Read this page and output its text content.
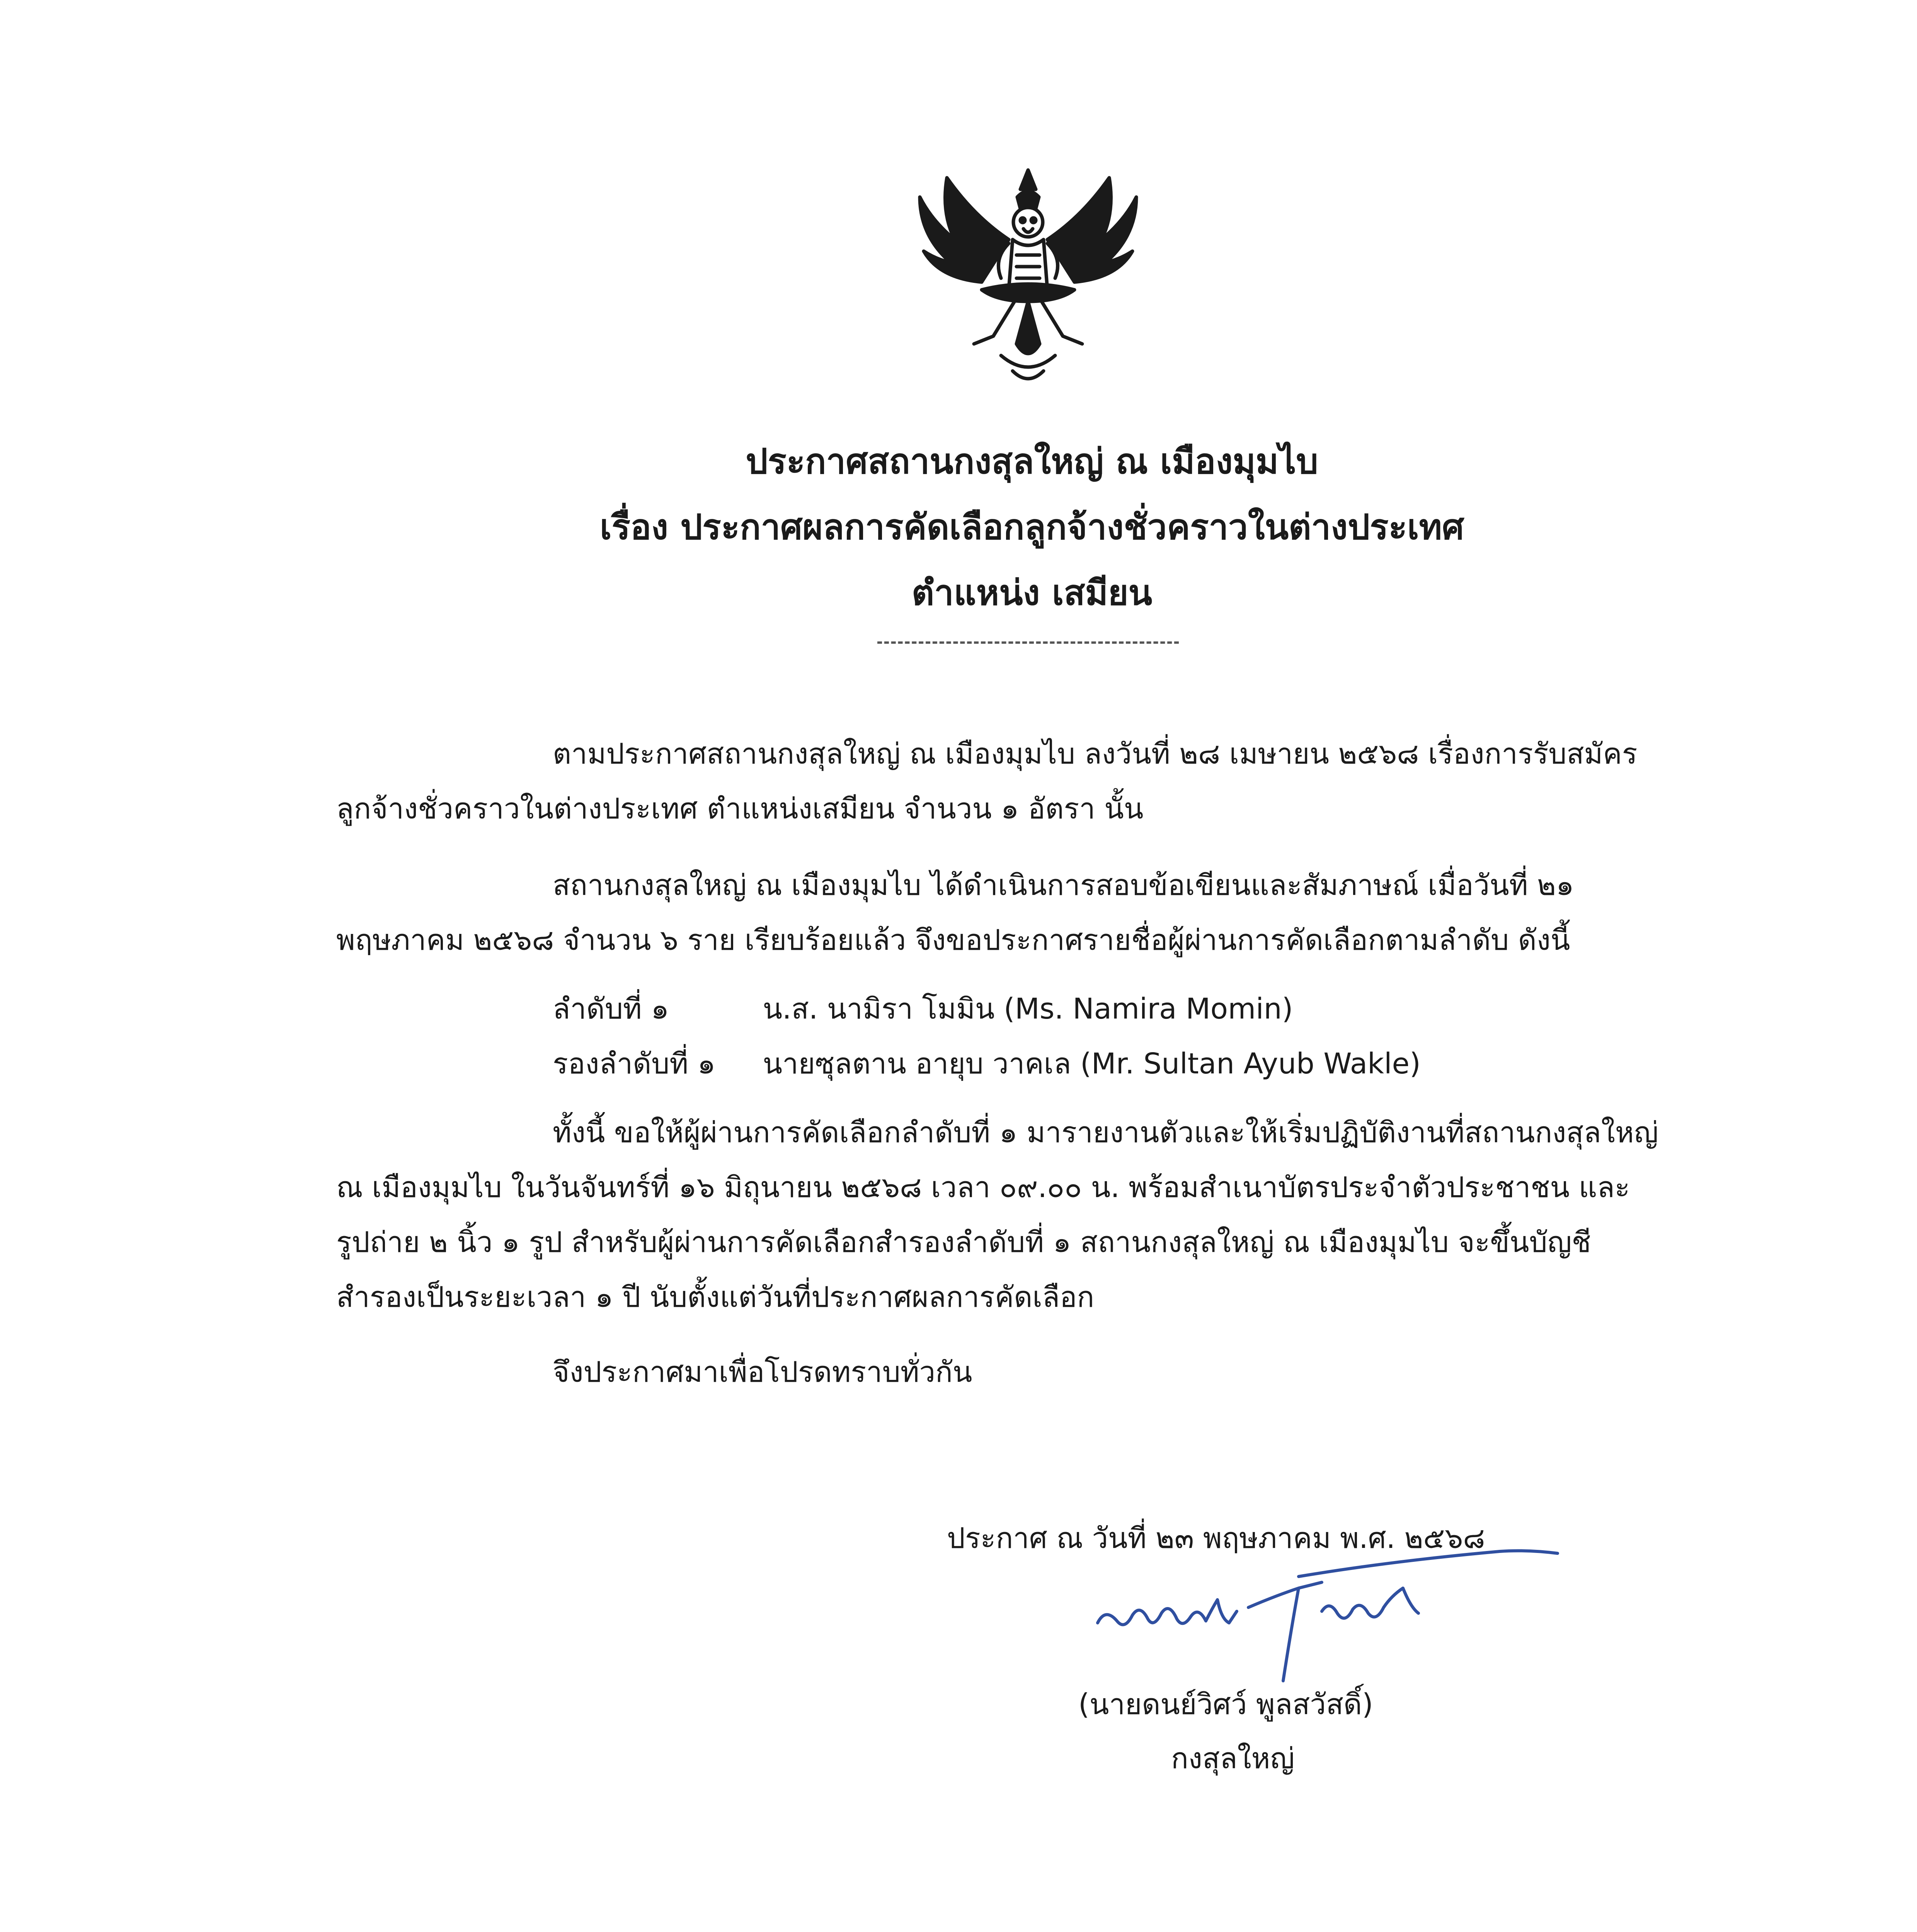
ประกาศสถานกงสุลใหญ่ ณ เมืองมุมไบ
เรื่อง ประกาศผลการคัดเลือกลูกจ้างชั่วคราวในต่างประเทศ
ตำแหน่ง เสมียน
ตามประกาศสถานกงสุลใหญ่ ณ เมืองมุมไบ ลงวันที่ ๒๘ เมษายน ๒๕๖๘ เรื่องการรับสมัคร
ลูกจ้างชั่วคราวในต่างประเทศ ตำแหน่งเสมียน จำนวน ๑ อัตรา นั้น
สถานกงสุลใหญ่ ณ เมืองมุมไบ ได้ดำเนินการสอบข้อเขียนและสัมภาษณ์ เมื่อวันที่ ๒๑
พฤษภาคม ๒๕๖๘ จำนวน ๖ ราย เรียบร้อยแล้ว จึงขอประกาศรายชื่อผู้ผ่านการคัดเลือกตามลำดับ ดังนี้
ลำดับที่ ๑	น.ส. นามิรา โมมิน (Ms. Namira Momin)
รองลำดับที่ ๑ นายซุลตาน อายุบ วาคเล (Mr. Sultan Ayub Wakle)
ทั้งนี้ ขอให้ผู้ผ่านการคัดเลือกลำดับที่ ๑ มารายงานตัวและให้เริ่มปฏิบัติงานที่สถานกงสุลใหญ่
ณ เมืองมุมไบ ในวันจันทร์ที่ ๑๖ มิถุนายน ๒๕๖๘ เวลา ๐๙.๐๐ น. พร้อมสำเนาบัตรประจำตัวประชาชน และ
รูปถ่าย ๒ นิ้ว ๑ รูป สำหรับผู้ผ่านการคัดเลือกสำรองลำดับที่ ๑ สถานกงสุลใหญ่ ณ เมืองมุมไบ จะขึ้นบัญชี
สำรองเป็นระยะเวลา ๑ ปี นับตั้งแต่วันที่ประกาศผลการคัดเลือก
จึงประกาศมาเพื่อโปรดทราบทั่วกัน
ประกาศ ณ วันที่ ๒๓ พฤษภาคม พ.ศ. ๒๕๖๘
(นายดนย์วิศว์ พูลสวัสดิ์)
กงสุลใหญ่
